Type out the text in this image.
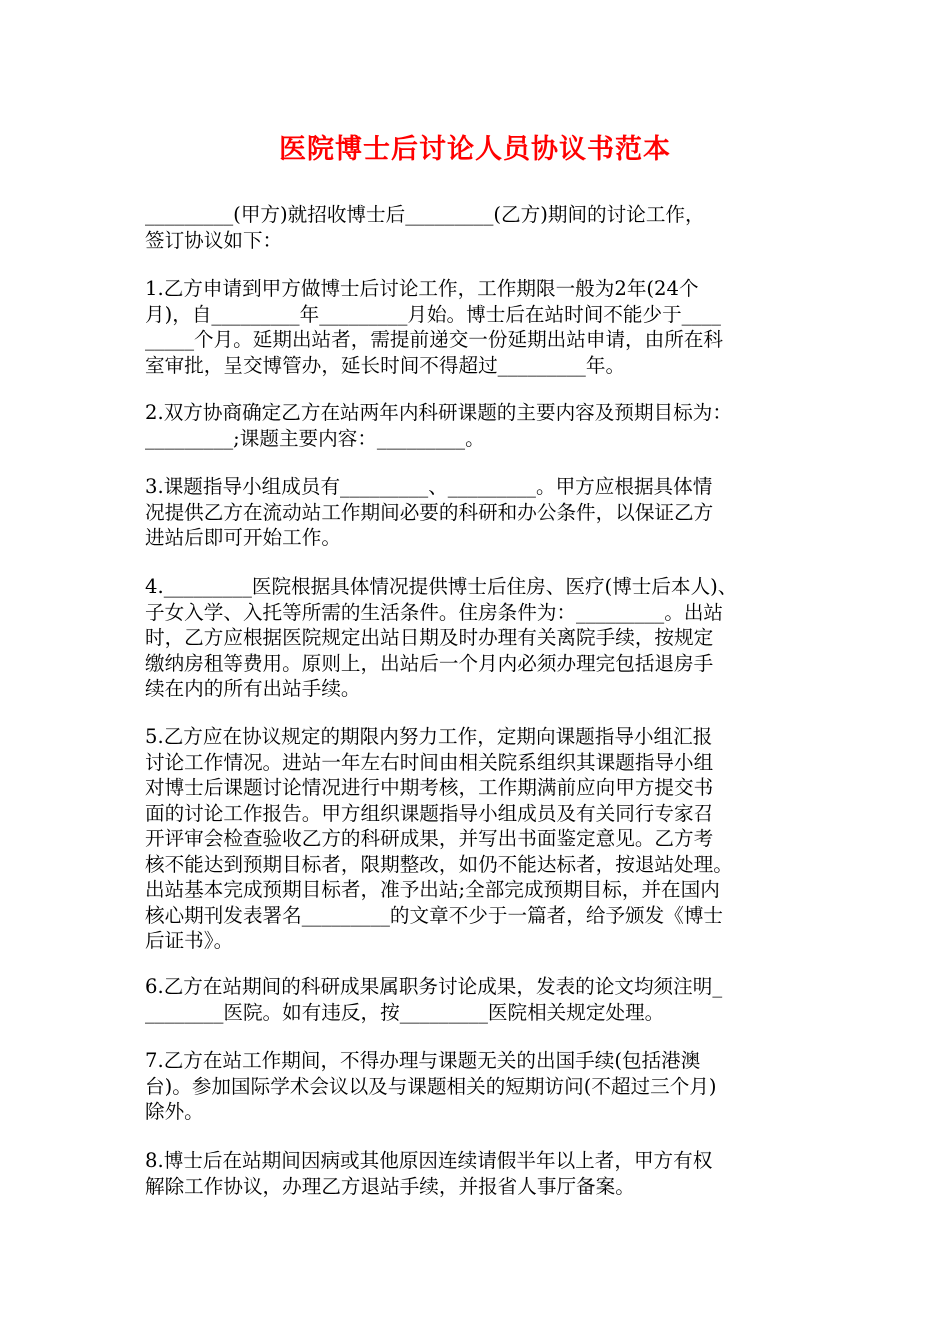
医院博士后讨论人员协议书范本
_________(甲方)就招收博士后_________(乙方)期间的讨论工作，
签订协议如下：
1.乙方申请到甲方做博士后讨论工作，工作期限一般为2年(24个
月)，自_________年_________月始。博士后在站时间不能少于____
_____个月。延期出站者，需提前递交一份延期出站申请，由所在科
室审批，呈交博管办，延长时间不得超过_________年。
2.双方协商确定乙方在站两年内科研课题的主要内容及预期目标为：
_________;课题主要内容：_________。
3.课题指导小组成员有_________、_________。甲方应根据具体情
况提供乙方在流动站工作期间必要的科研和办公条件，以保证乙方
进站后即可开始工作。
4._________医院根据具体情况提供博士后住房、医疗(博士后本人)、
子女入学、入托等所需的生活条件。住房条件为：_________。出站
时，乙方应根据医院规定出站日期及时办理有关离院手续，按规定
缴纳房租等费用。原则上，出站后一个月内必须办理完包括退房手
续在内的所有出站手续。
5.乙方应在协议规定的期限内努力工作，定期向课题指导小组汇报
讨论工作情况。进站一年左右时间由相关院系组织其课题指导小组
对博士后课题讨论情况进行中期考核，工作期满前应向甲方提交书
面的讨论工作报告。甲方组织课题指导小组成员及有关同行专家召
开评审会检查验收乙方的科研成果，并写出书面鉴定意见。乙方考
核不能达到预期目标者，限期整改，如仍不能达标者，按退站处理。
出站基本完成预期目标者，准予出站;全部完成预期目标，并在国内
核心期刊发表署名_________的文章不少于一篇者，给予颁发《博士
后证书》。
6.乙方在站期间的科研成果属职务讨论成果，发表的论文均须注明_
________医院。如有违反，按_________医院相关规定处理。
7.乙方在站工作期间，不得办理与课题无关的出国手续(包括港澳
台)。参加国际学术会议以及与课题相关的短期访问(不超过三个月)
除外。
8.博士后在站期间因病或其他原因连续请假半年以上者，甲方有权
解除工作协议，办理乙方退站手续，并报省人事厅备案。
